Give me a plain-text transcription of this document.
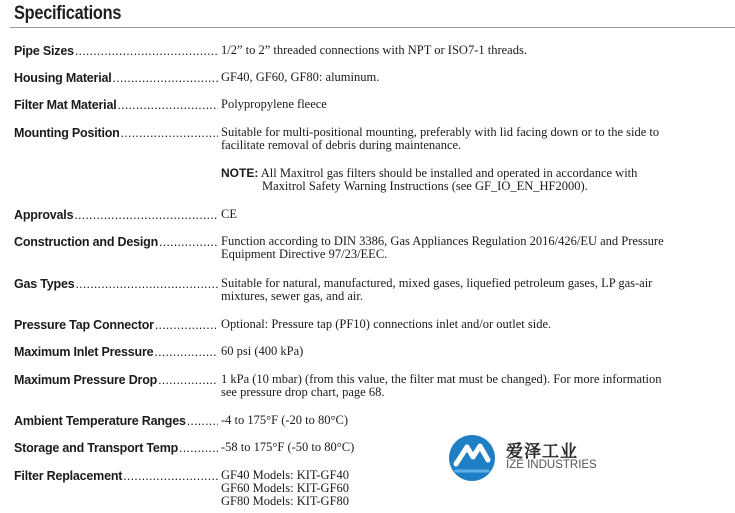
Specifications
Pipe Sizes .....	1/2” to 2” threaded connections with NPT or ISO7-1 threads.
Housing Material .....	GF40, GF60, GF80: aluminum.
Filter Mat Material .....	Polypropylene fleece
Mounting Position .....	Suitable for multi-positional mounting, preferably with lid facing down or to the side to
facilitate removal of debris during maintenance.
NOTE: All Maxitrol gas filters should be installed and operated in accordance with
Maxitrol Safety Warning Instructions (see GF_IO_EN_HF2000).
Approvals .....	CE
Construction and Design .....	Function according to DIN 3386, Gas Appliances Regulation 2016/426/EU and Pressure
Equipment Directive 97/23/EEC.
Gas Types .....	Suitable for natural, manufactured, mixed gases, liquefied petroleum gases, LP gas-air
mixtures, sewer gas, and air.
Pressure Tap Connector .....	Optional: Pressure tap (PF10) connections inlet and/or outlet side.
Maximum Inlet Pressure .....	60 psi (400 kPa)
Maximum Pressure Drop .....	1 kPa (10 mbar) (from this value, the filter mat must be changed). For more information
see pressure drop chart, page 68.
Ambient Temperature Ranges .....	-4 to 175°F (-20 to 80°C)
Storage and Transport Temp .....	-58 to 175°F (-50 to 80°C)
Filter Replacement .....	GF40 Models: KIT-GF40
GF60 Models: KIT-GF60
GF80 Models: KIT-GF80
爱泽工业
IZE INDUSTRIES
